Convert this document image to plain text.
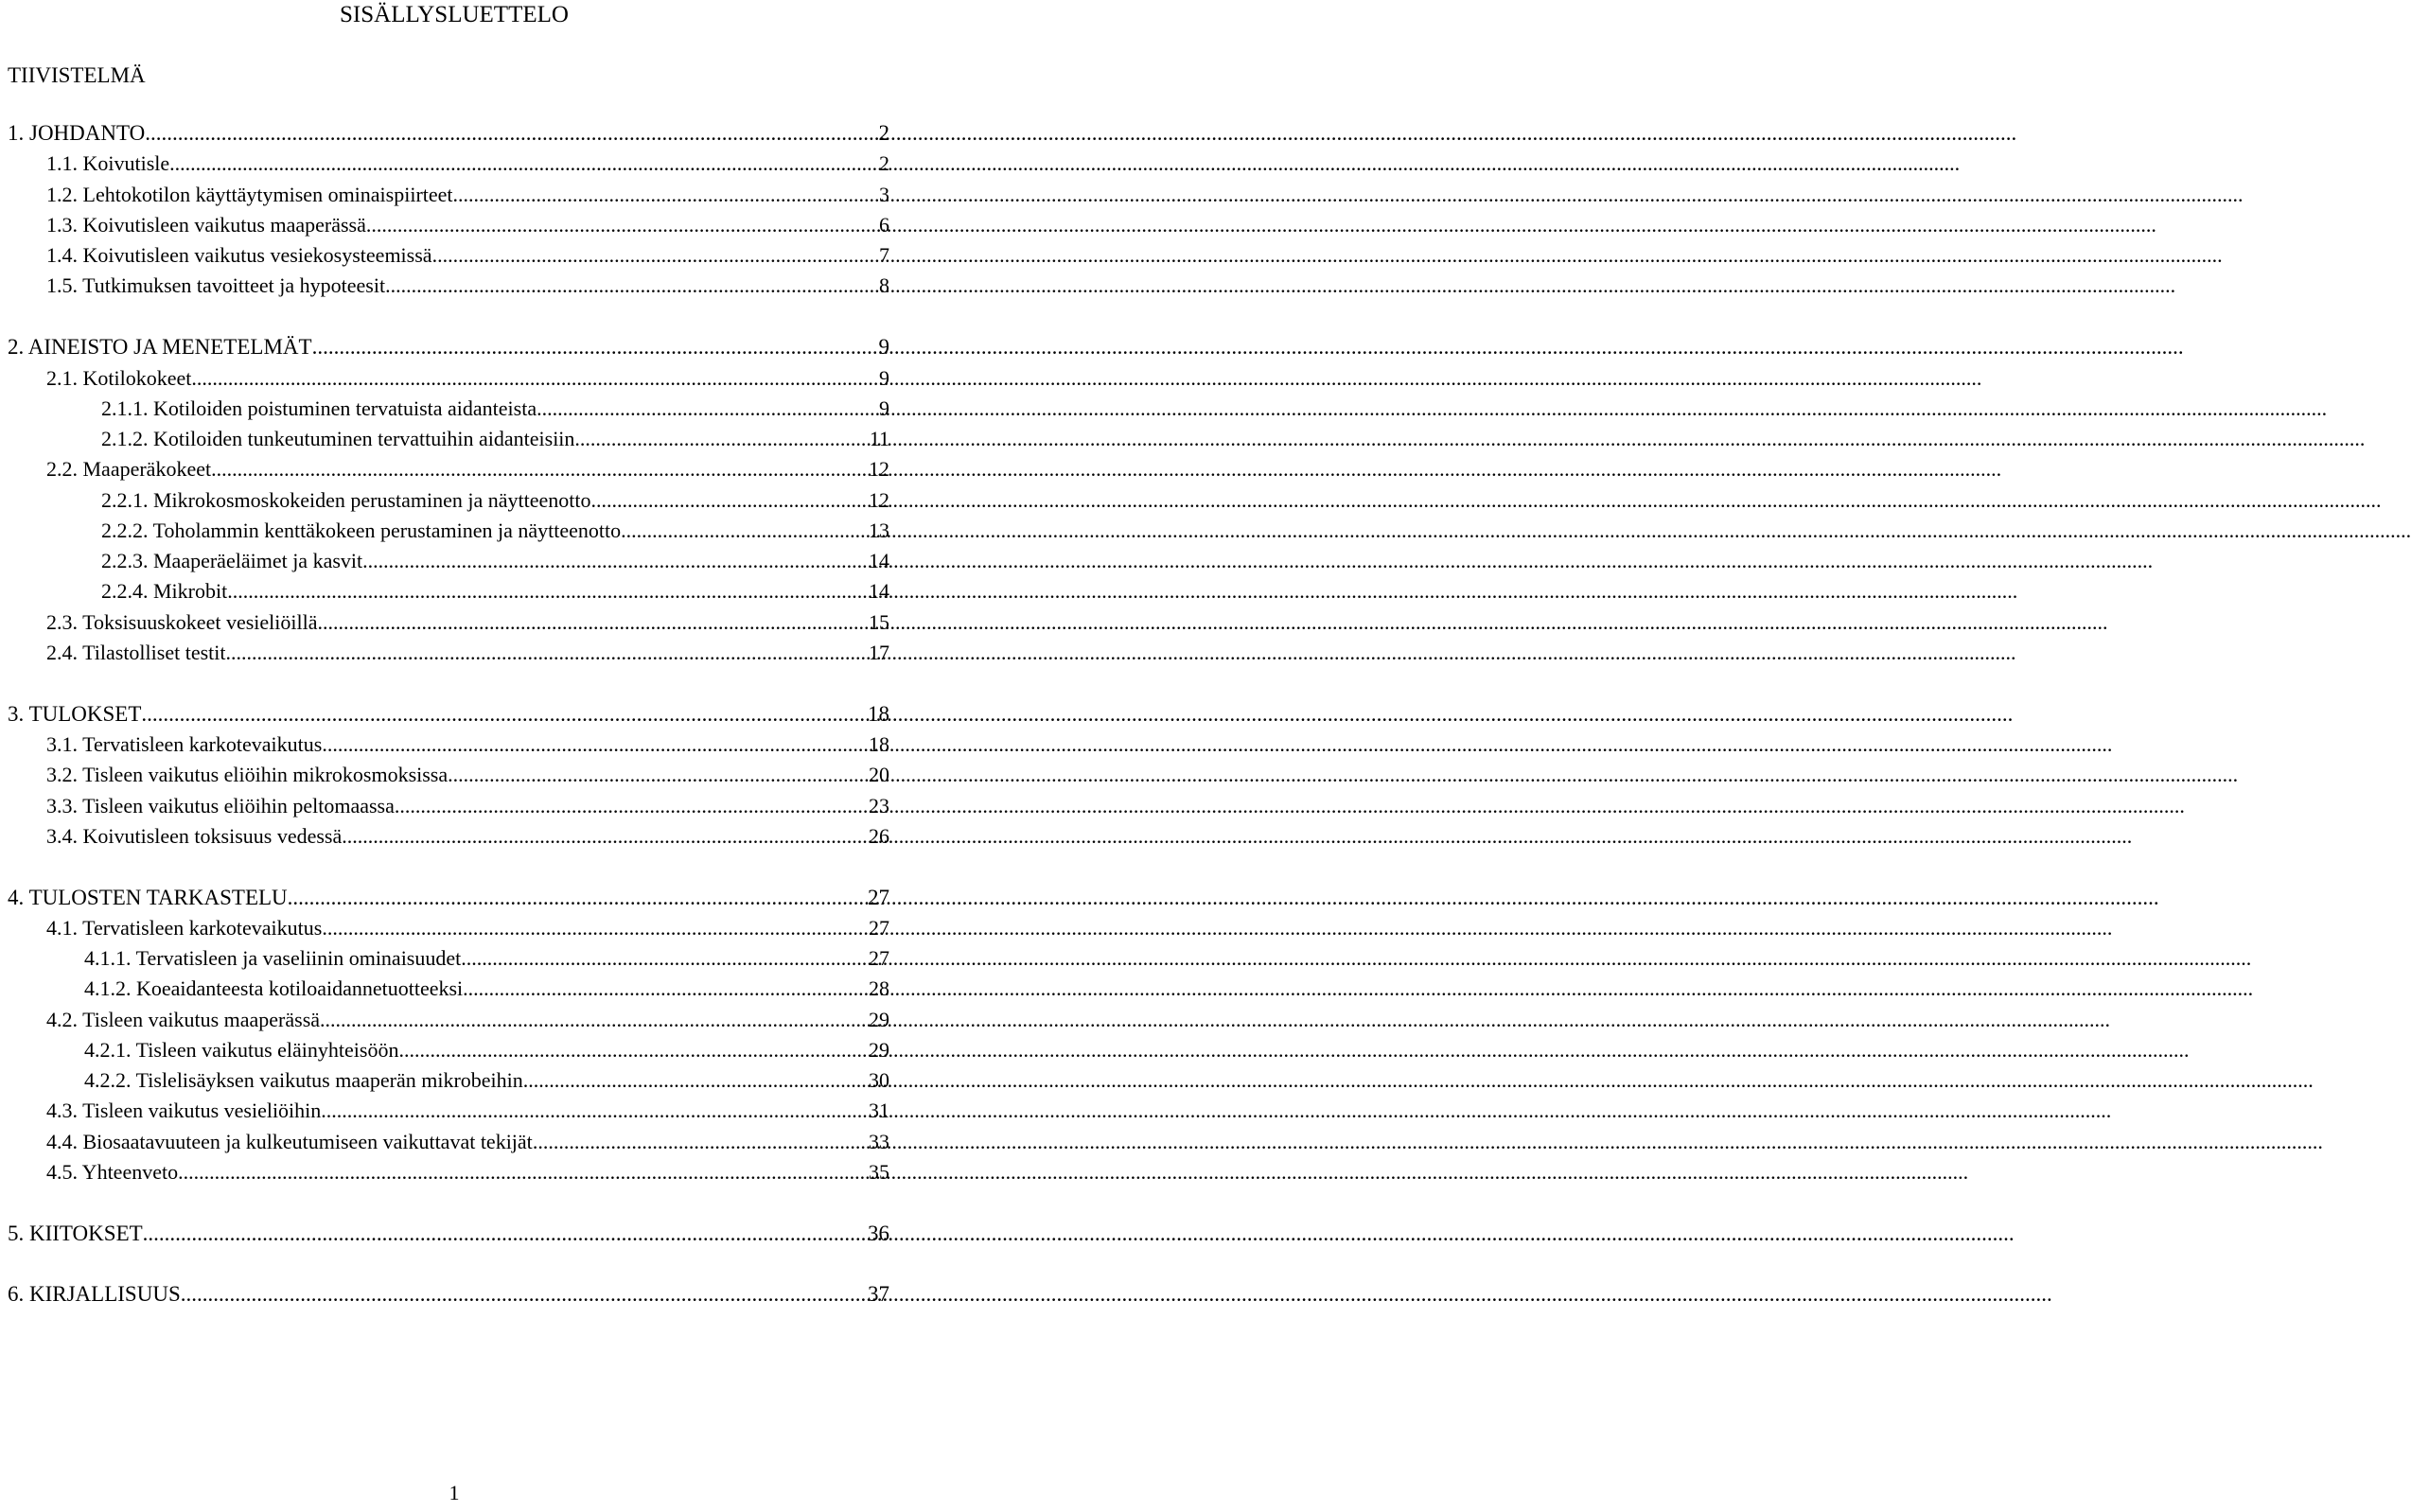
SISÄLLYSLUETTELO
TIIVISTELMÄ
1. JOHDANTO .....	2
1.1. Koivutisle .....	2
1.2. Lehtokotilon käyttäytymisen ominaispiirteet .....	3
1.3. Koivutisleen vaikutus maaperässä .....	6
1.4. Koivutisleen vaikutus vesiekosysteemissä .....	7
1.5. Tutkimuksen tavoitteet ja hypoteesit .....	8
2. AINEISTO JA MENETELMÄT .....	9
2.1. Kotilokokeet .....	9
2.1.1. Kotiloiden poistuminen tervatuista aidanteista .....	9
2.1.2. Kotiloiden tunkeutuminen tervattuihin aidanteisiin .....	11
2.2. Maaperäkokeet .....	12
2.2.1. Mikrokosmoskokeiden perustaminen ja näytteenotto .....	12
2.2.2. Toholammin kenttäkokeen perustaminen ja näytteenotto .....	13
2.2.3. Maaperäeläimet ja kasvit .....	14
2.2.4. Mikrobit .....	14
2.3. Toksisuuskokeet vesieliöillä .....	15
2.4. Tilastolliset testit .....	17
3. TULOKSET .....	18
3.1. Tervatisleen karkotevaikutus .....	18
3.2. Tisleen vaikutus eliöihin mikrokosmoksissa .....	20
3.3. Tisleen vaikutus eliöihin peltomaassa .....	23
3.4. Koivutisleen toksisuus vedessä .....	26
4. TULOSTEN TARKASTELU .....	27
4.1. Tervatisleen karkotevaikutus .....	27
4.1.1. Tervatisleen ja vaseliinin ominaisuudet .....	27
4.1.2. Koeaidanteesta kotiloaidannetuotteeksi .....	28
4.2. Tisleen vaikutus maaperässä .....	29
4.2.1. Tisleen vaikutus eläinyhteisöön .....	29
4.2.2. Tislelisäyksen vaikutus maaperän mikrobeihin .....	30
4.3. Tisleen vaikutus vesieliöihin .....	31
4.4. Biosaatavuuteen ja kulkeutumiseen vaikuttavat tekijät .....	33
4.5. Yhteenveto .....	35
5. KIITOKSET .....	36
6. KIRJALLISUUS .....	37
1
